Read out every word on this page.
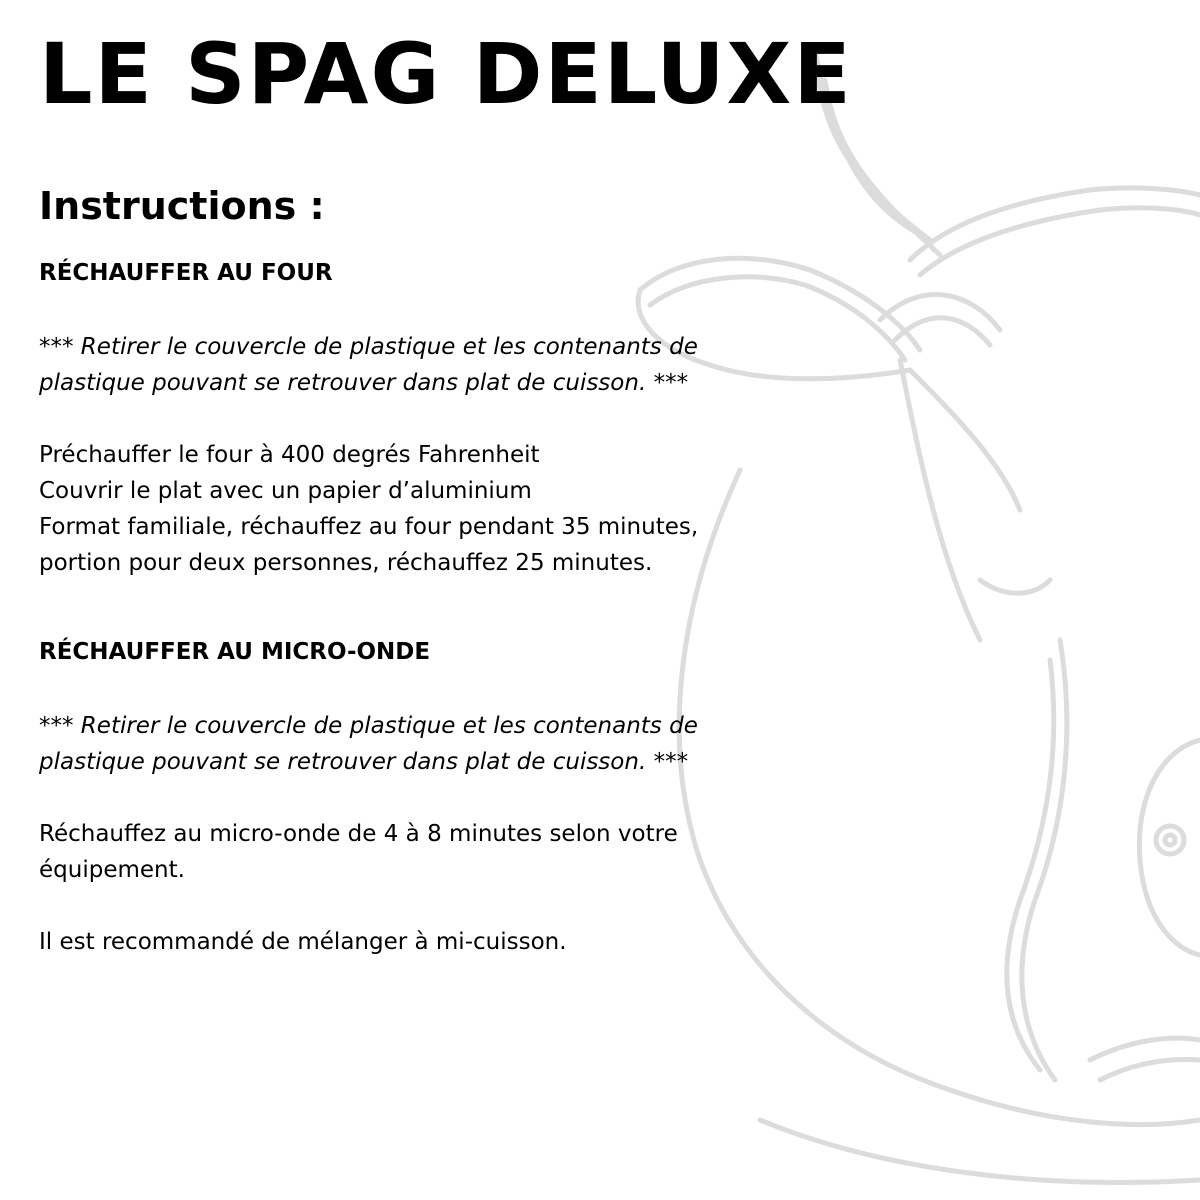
LE SPAG DELUXE
Instructions :
RÉCHAUFFER AU FOUR
*** Retirer le couvercle de plastique et les contenants de
plastique pouvant se retrouver dans plat de cuisson. ***
Préchauffer le four à 400 degrés Fahrenheit
Couvrir le plat avec un papier d’aluminium
Format familiale, réchauffez au four pendant 35 minutes,
portion pour deux personnes, réchauffez 25 minutes.
RÉCHAUFFER AU MICRO-ONDE
*** Retirer le couvercle de plastique et les contenants de
plastique pouvant se retrouver dans plat de cuisson. ***
Réchauffez au micro-onde de 4 à 8 minutes selon votre
équipement.
Il est recommandé de mélanger à mi-cuisson.
